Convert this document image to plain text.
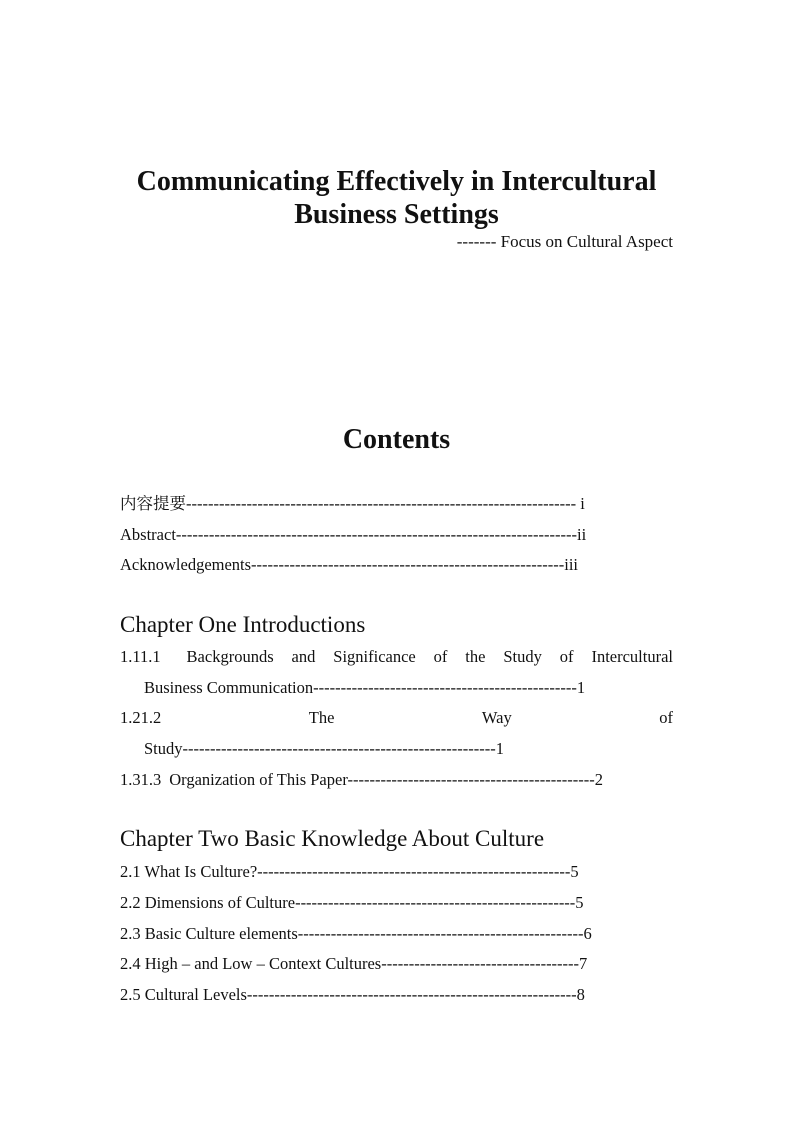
Communicating Effectively in Intercultural
Business Settings
------- Focus on Cultural Aspect
Contents
内容提要----------------------------------------------------------------------- i
Abstract-------------------------------------------------------------------------ii
Acknowledgements---------------------------------------------------------iii
Chapter One Introductions
1.11.1 Backgrounds and Significance of the Study of Intercultural
Business Communication------------------------------------------------1
1.21.2	The	Way	of
Study---------------------------------------------------------1
1.31.3 Organization of This Paper---------------------------------------------2
Chapter Two Basic Knowledge About Culture
2.1 What Is Culture?---------------------------------------------------------5
2.2 Dimensions of Culture---------------------------------------------------5
2.3 Basic Culture elements----------------------------------------------------6
2.4 High – and Low – Context Cultures------------------------------------7
2.5 Cultural Levels------------------------------------------------------------8
